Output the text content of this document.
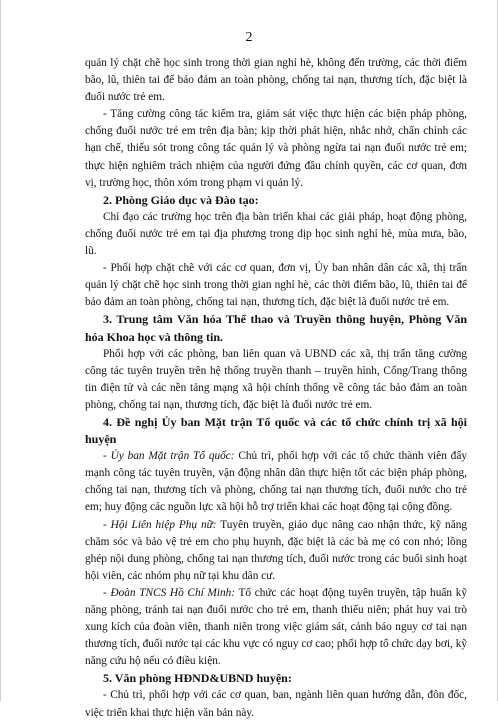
2

quản lý chặt chẽ học sinh trong thời gian nghỉ hè, không đến trường, các thời điểm bão, lũ, thiên tai để bảo đảm an toàn phòng, chống tai nạn, thương tích, đặc biệt là đuối nước trẻ em.

- Tăng cường công tác kiểm tra, giám sát việc thực hiện các biện pháp phòng, chống đuối nước trẻ em trên địa bàn; kịp thời phát hiện, nhắc nhở, chấn chỉnh các hạn chế, thiếu sót trong công tác quản lý và phòng ngừa tai nạn đuối nước trẻ em; thực hiện nghiêm trách nhiệm của người đứng đầu chính quyền, các cơ quan, đơn vị, trường học, thôn xóm trong phạm vi quản lý.

2. Phòng Giáo dục và Đào tạo:

Chỉ đạo các trường học trên địa bàn triển khai các giải pháp, hoạt động phòng, chống đuối nước trẻ em tại địa phương trong dịp học sinh nghỉ hè, mùa mưa, bão, lũ.

- Phối hợp chặt chẽ với các cơ quan, đơn vị, Ủy ban nhân dân các xã, thị trấn quản lý chặt chẽ học sinh trong thời gian nghỉ hè, các thời điểm bão, lũ, thiên tai để bảo đảm an toàn phòng, chống tai nạn, thương tích, đặc biệt là đuối nước trẻ em.

3. Trung tâm Văn hóa Thể thao và Truyền thông huyện, Phòng Văn hóa Khoa học và thông tin.

Phối hợp với các phòng, ban liên quan và UBND các xã, thị trấn tăng cường công tác tuyên truyền trên hệ thống truyền thanh – truyền hình, Cổng/Trang thông tin điện tử và các nền tảng mạng xã hội chính thống về công tác bảo đảm an toàn phòng, chống tai nạn, thương tích, đặc biệt là đuối nước trẻ em.

4. Đề nghị Ủy ban Mặt trận Tổ quốc và các tổ chức chính trị xã hội huyện

- Ủy ban Mặt trận Tổ quốc: Chủ trì, phối hợp với các tổ chức thành viên đẩy mạnh công tác tuyên truyền, vận động nhân dân thực hiện tốt các biện pháp phòng, chống tai nạn, thương tích và phòng, chống tai nạn thương tích, đuối nước cho trẻ em; huy động các nguồn lực xã hội hỗ trợ triển khai các hoạt động tại cộng đồng.

- Hội Liên hiệp Phụ nữ: Tuyên truyền, giáo dục nâng cao nhận thức, kỹ năng chăm sóc và bảo vệ trẻ em cho phụ huynh, đặc biệt là các bà mẹ có con nhỏ; lồng ghép nội dung phòng, chống tai nạn thương tích, đuối nước trong các buổi sinh hoạt hội viên, các nhóm phụ nữ tại khu dân cư.

- Đoàn TNCS Hồ Chí Minh: Tổ chức các hoạt động tuyên truyền, tập huấn kỹ năng phòng, tránh tai nạn đuối nước cho trẻ em, thanh thiếu niên; phát huy vai trò xung kích của đoàn viên, thanh niên trong việc giám sát, cảnh báo nguy cơ tai nạn thương tích, đuối nước tại các khu vực có nguy cơ cao; phối hợp tổ chức dạy bơi, kỹ năng cứu hộ nếu có điều kiện.

5. Văn phòng HĐND&UBND huyện:

- Chủ trì, phối hợp với các cơ quan, ban, ngành liên quan hướng dẫn, đôn đốc, việc triển khai thực hiện văn bản này.
